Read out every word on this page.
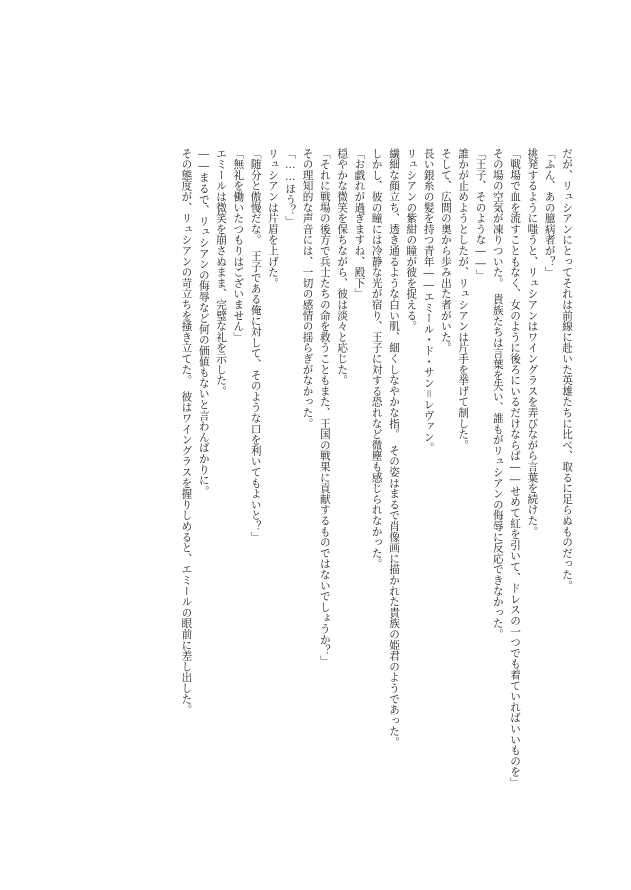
だが、リュシアンにとってそれは前線に赴いた英雄たちに比べ、取るに足らぬものだった。
「ふん、あの臆病者が？」
挑発するように嗤うと、リュシアンはワイングラスを弄びながら言葉を続けた。
「戦場で血を流すこともなく、女のように後ろにいるだけならば――せめて紅を引いて、ドレスの一つでも着ていればいいものを」
その場の空気が凍りついた。　貴族たちは言葉を失い、誰もがリュシアンの侮辱に反応できなかった。
「王子、そのような――」
誰かが止めようとしたが、リュシアンは片手を挙げて制した。
そして、広間の奥から歩み出た者がいた。
長い銀糸の髪を持つ青年――エミール・ド・サン＝レヴァン。
リュシアンの紫紺の瞳が彼を捉える。
繊細な顔立ち、透き通るような白い肌、細くしなやかな指。　その姿はまるで肖像画に描かれた貴族の姫君のようであった。
しかし、彼の瞳には冷静な光が宿り、王子に対する恐れなど微塵も感じられなかった。
「お戯れが過ぎますね、殿下」
穏やかな微笑を保ちながら、彼は淡々と応じた。
「それに戦場の後方で兵士たちの命を救うこともまた、王国の戦果に貢献するものではないでしょうか？」
その理知的な声音には、一切の感情の揺らぎがなかった。
「……ほう？」
リュシアンは片眉を上げた。
「随分と傲慢だな。　王子である俺に対して、そのような口を利いてもよいと？」
「無礼を働いたつもりはございません」
エミールは微笑を崩さぬまま、完璧な礼を示した。
――まるで、リュシアンの侮辱など何の価値もないと言わんばかりに。
その態度が、リュシアンの苛立ちを掻き立てた。　彼はワイングラスを握りしめると、エミールの眼前に差し出した。
